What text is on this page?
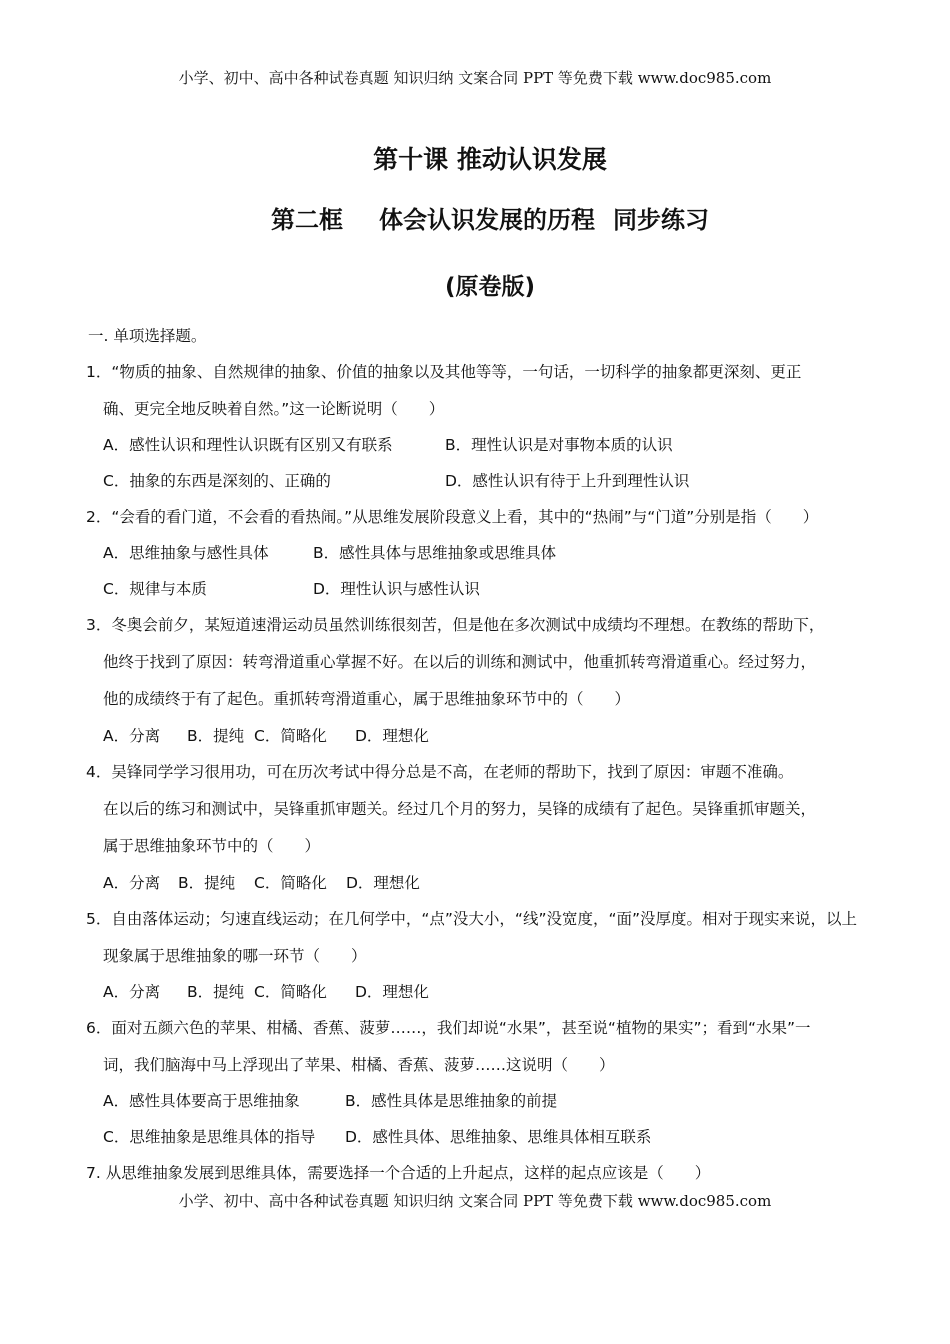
小学、初中、高中各种试卷真题 知识归纳 文案合同 PPT 等免费下载 www.doc985.com
第十课 推动认识发展
第二框 体会认识发展的历程 同步练习
(原卷版)
一. 单项选择题。
1．“物质的抽象、自然规律的抽象、价值的抽象以及其他等等，一句话，一切科学的抽象都更深刻、更正
确、更完全地反映着自然。”这一论断说明（　　）
A．感性认识和理性认识既有区别又有联系	B．理性认识是对事物本质的认识
C．抽象的东西是深刻的、正确的	D．感性认识有待于上升到理性认识
2．“会看的看门道，不会看的看热闹。”从思维发展阶段意义上看，其中的“热闹”与“门道”分别是指（　　）
A．思维抽象与感性具体	B．感性具体与思维抽象或思维具体
C．规律与本质	D．理性认识与感性认识
3．冬奥会前夕，某短道速滑运动员虽然训练很刻苦，但是他在多次测试中成绩均不理想。在教练的帮助下，
他终于找到了原因：转弯滑道重心掌握不好。在以后的训练和测试中，他重抓转弯滑道重心。经过努力，
他的成绩终于有了起色。重抓转弯滑道重心，属于思维抽象环节中的（　　）
A．分离 B．提纯 C．简略化 D．理想化
4．吴锋同学学习很用功，可在历次考试中得分总是不高，在老师的帮助下，找到了原因：审题不准确。
在以后的练习和测试中，吴锋重抓审题关。经过几个月的努力，吴锋的成绩有了起色。吴锋重抓审题关，
属于思维抽象环节中的（　　）
A．分离 B．提纯 C．简略化 D．理想化
5．自由落体运动；匀速直线运动；在几何学中，“点”没大小，“线”没宽度，“面”没厚度。相对于现实来说，以上
现象属于思维抽象的哪一环节（　　）
A．分离 B．提纯 C．简略化 D．理想化
6．面对五颜六色的苹果、柑橘、香蕉、菠萝……，我们却说“水果”，甚至说“植物的果实”；看到“水果”一
词，我们脑海中马上浮现出了苹果、柑橘、香蕉、菠萝……这说明（　　）
A．感性具体要高于思维抽象	B．感性具体是思维抽象的前提
C．思维抽象是思维具体的指导 D．感性具体、思维抽象、思维具体相互联系
7. 从思维抽象发展到思维具体，需要选择一个合适的上升起点，这样的起点应该是（　　）
小学、初中、高中各种试卷真题 知识归纳 文案合同 PPT 等免费下载 www.doc985.com
